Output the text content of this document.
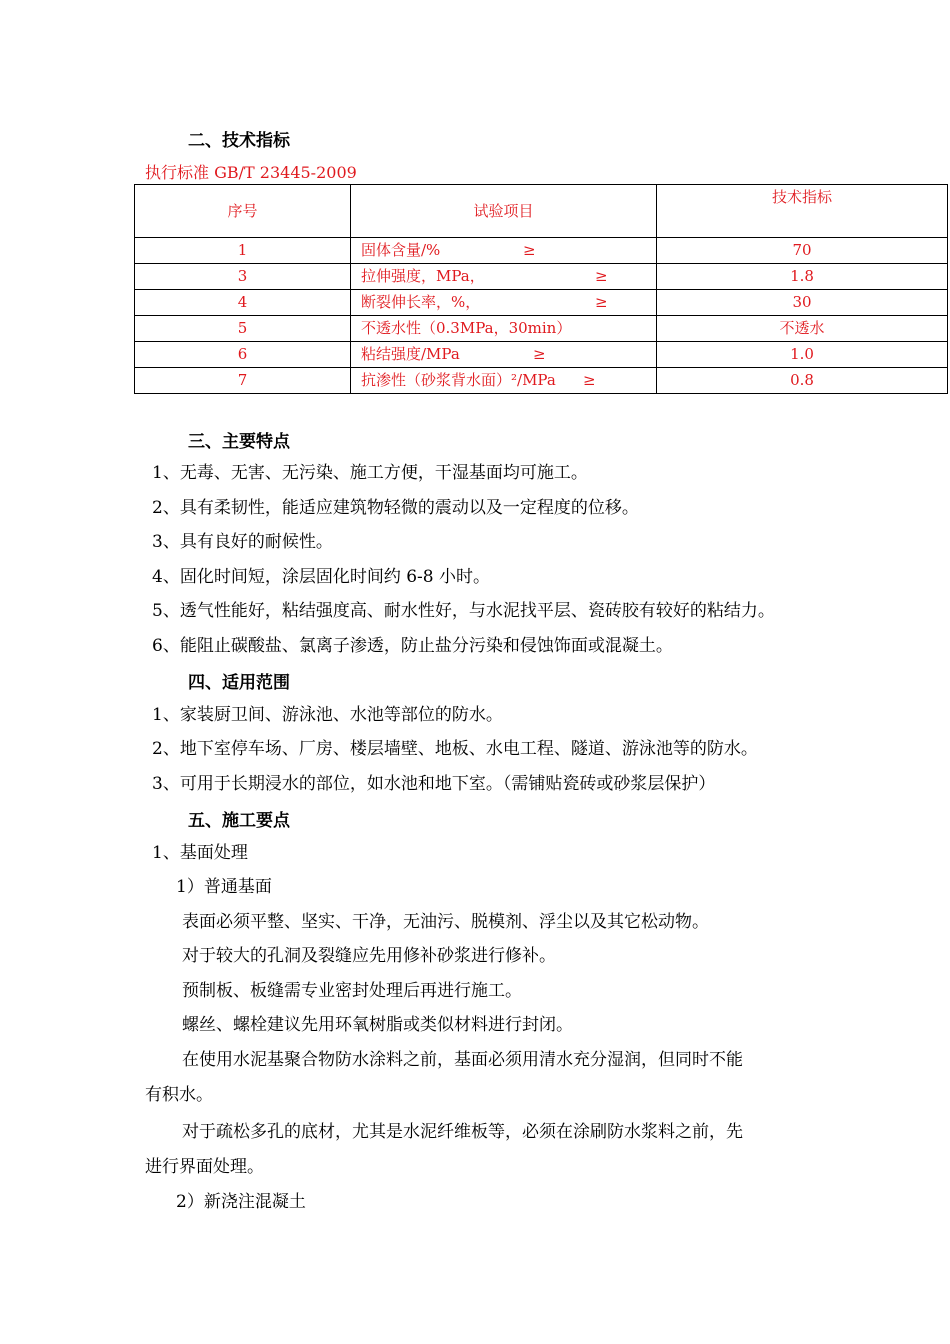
二、技术指标
执行标准 GB/T 23445-2009
序号	试验项目	技术指标
1	固体含量/% ≥	70
3	拉伸强度，MPa， ≥	1.8
4	断裂伸长率，%， ≥	30
5	不透水性（0.3MPa，30min）	不透水
6	粘结强度/MPa ≥	1.0
7	抗渗性（砂浆背水面）²/MPa ≥	0.8
三、主要特点
1、无毒、无害、无污染、施工方便，干湿基面均可施工。
2、具有柔韧性，能适应建筑物轻微的震动以及一定程度的位移。
3、具有良好的耐候性。
4、固化时间短，涂层固化时间约 6-8 小时。
5、透气性能好，粘结强度高、耐水性好，与水泥找平层、瓷砖胶有较好的粘结力。
6、能阻止碳酸盐、氯离子渗透，防止盐分污染和侵蚀饰面或混凝土。
四、适用范围
1、家装厨卫间、游泳池、水池等部位的防水。
2、地下室停车场、厂房、楼层墙壁、地板、水电工程、隧道、游泳池等的防水。
3、可用于长期浸水的部位，如水池和地下室。（需铺贴瓷砖或砂浆层保护）
五、施工要点
1、基面处理
1）普通基面
表面必须平整、坚实、干净，无油污、脱模剂、浮尘以及其它松动物。
对于较大的孔洞及裂缝应先用修补砂浆进行修补。
预制板、板缝需专业密封处理后再进行施工。
螺丝、螺栓建议先用环氧树脂或类似材料进行封闭。
在使用水泥基聚合物防水涂料之前，基面必须用清水充分湿润，但同时不能
有积水。
对于疏松多孔的底材，尤其是水泥纤维板等，必须在涂刷防水浆料之前，先
进行界面处理。
2）新浇注混凝土
